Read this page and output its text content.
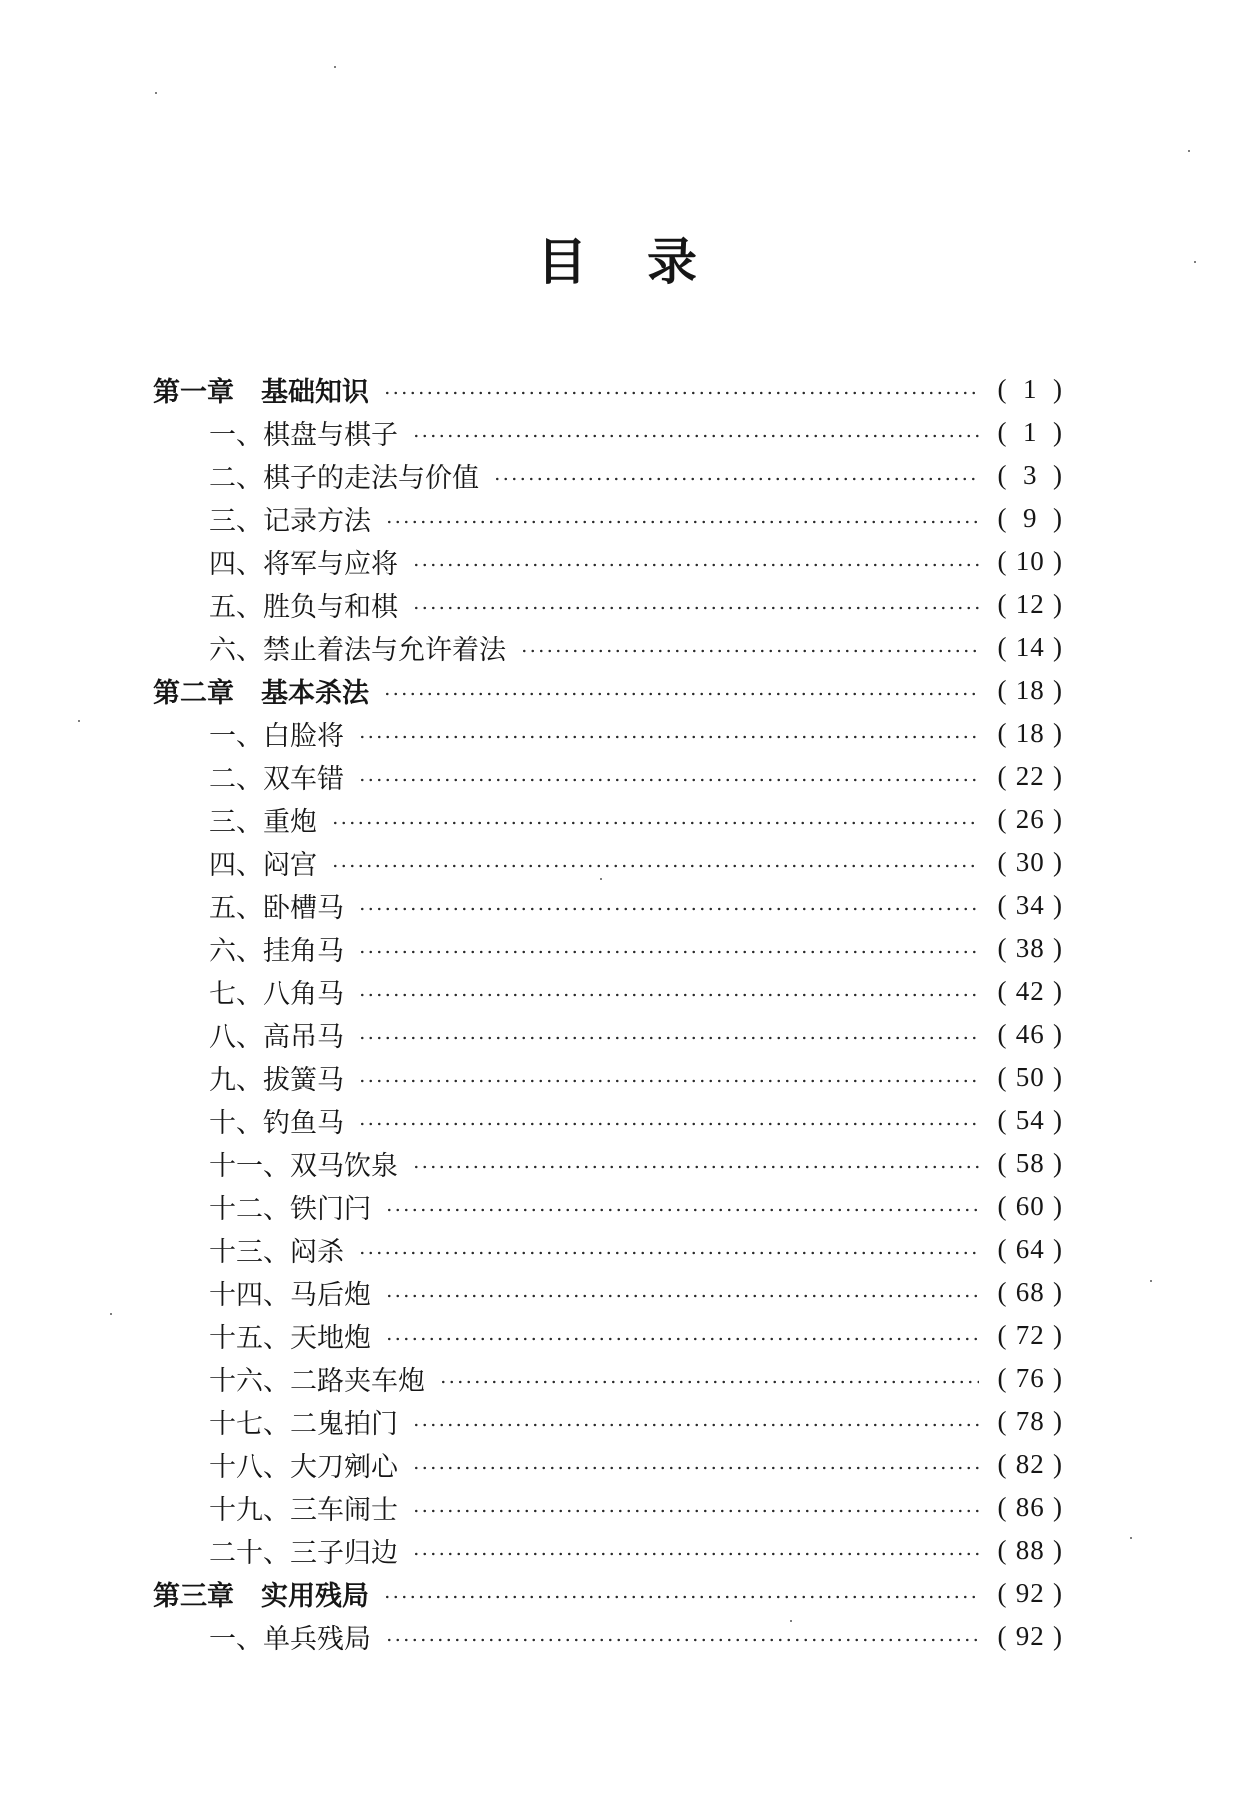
目 录
第一章 基础知识	( 1 )
一、棋盘与棋子	( 1 )
二、棋子的走法与价值	( 3 )
三、记录方法	( 9 )
四、将军与应将	( 10 )
五、胜负与和棋	( 12 )
六、禁止着法与允许着法	( 14 )
第二章 基本杀法	( 18 )
一、白脸将	( 18 )
二、双车错	( 22 )
三、重炮	( 26 )
四、闷宫	( 30 )
五、卧槽马	( 34 )
六、挂角马	( 38 )
七、八角马	( 42 )
八、高吊马	( 46 )
九、拔簧马	( 50 )
十、钓鱼马	( 54 )
十一、双马饮泉	( 58 )
十二、铁门闩	( 60 )
十三、闷杀	( 64 )
十四、马后炮	( 68 )
十五、天地炮	( 72 )
十六、二路夹车炮	( 76 )
十七、二鬼拍门	( 78 )
十八、大刀剜心	( 82 )
十九、三车闹士	( 86 )
二十、三子归边	( 88 )
第三章 实用残局	( 92 )
一、单兵残局	( 92 )
